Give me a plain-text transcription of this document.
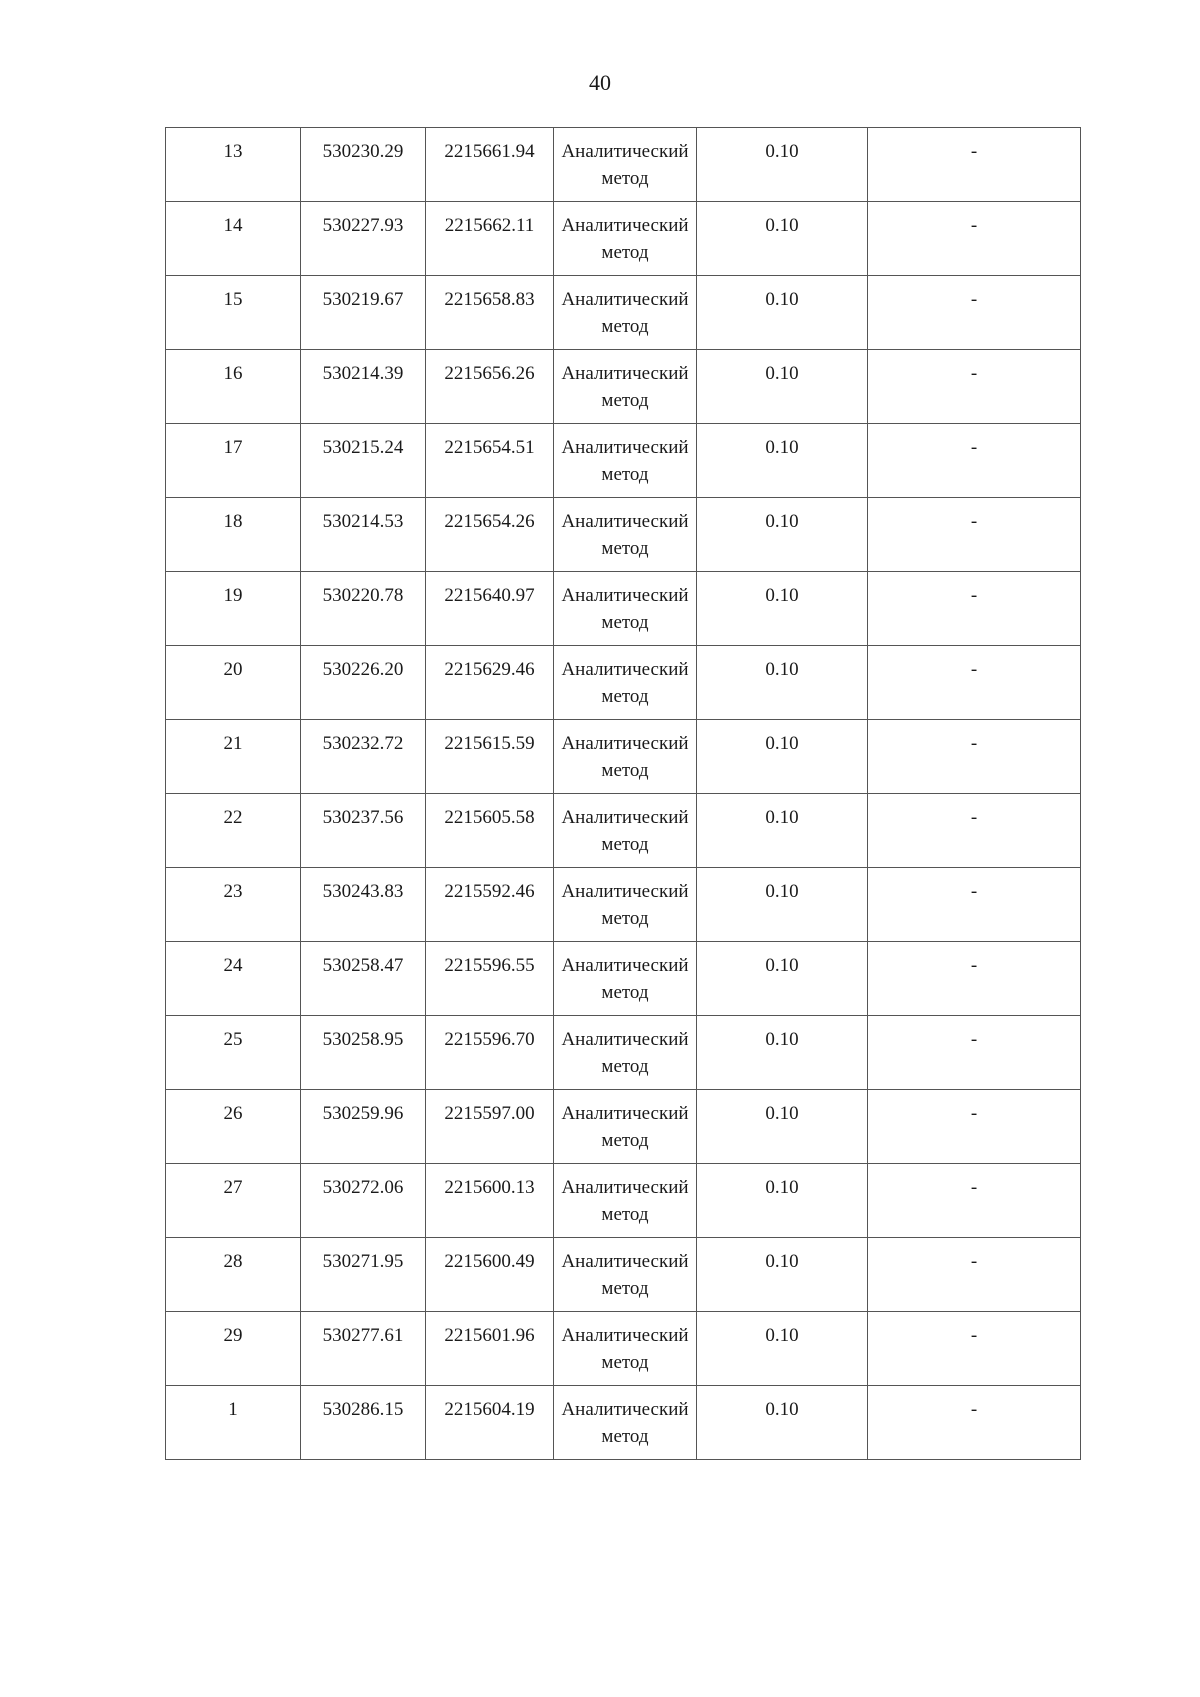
40
13	530230.29	2215661.94	Аналитический метод	0.10	-
14	530227.93	2215662.11	Аналитический метод	0.10	-
15	530219.67	2215658.83	Аналитический метод	0.10	-
16	530214.39	2215656.26	Аналитический метод	0.10	-
17	530215.24	2215654.51	Аналитический метод	0.10	-
18	530214.53	2215654.26	Аналитический метод	0.10	-
19	530220.78	2215640.97	Аналитический метод	0.10	-
20	530226.20	2215629.46	Аналитический метод	0.10	-
21	530232.72	2215615.59	Аналитический метод	0.10	-
22	530237.56	2215605.58	Аналитический метод	0.10	-
23	530243.83	2215592.46	Аналитический метод	0.10	-
24	530258.47	2215596.55	Аналитический метод	0.10	-
25	530258.95	2215596.70	Аналитический метод	0.10	-
26	530259.96	2215597.00	Аналитический метод	0.10	-
27	530272.06	2215600.13	Аналитический метод	0.10	-
28	530271.95	2215600.49	Аналитический метод	0.10	-
29	530277.61	2215601.96	Аналитический метод	0.10	-
1	530286.15	2215604.19	Аналитический метод	0.10	-
